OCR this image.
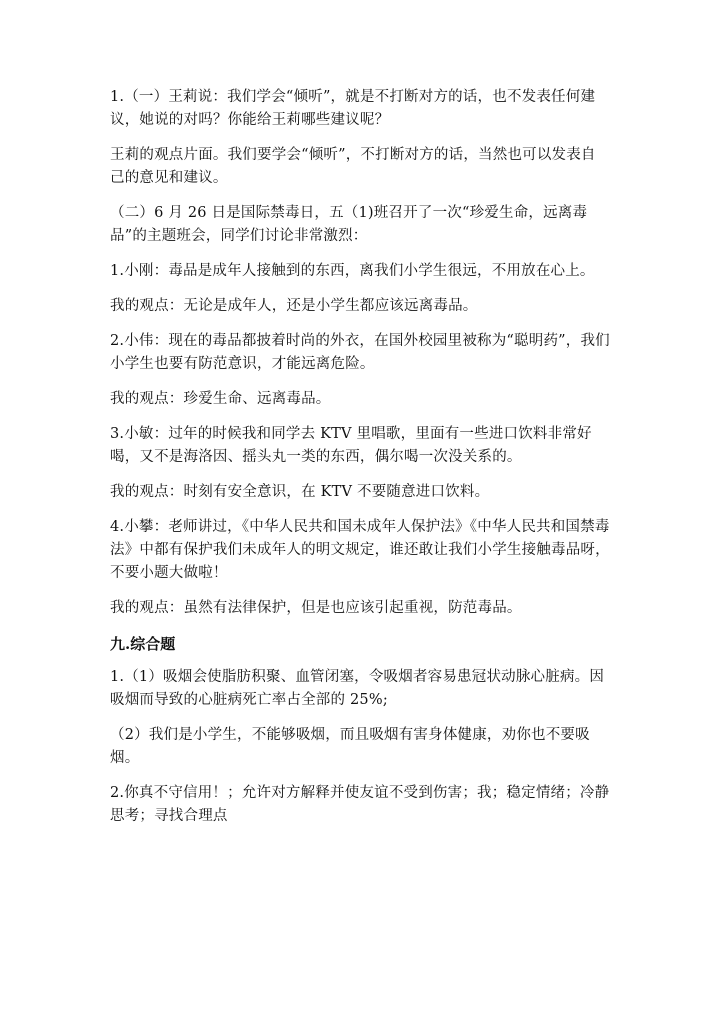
1.（一）王莉说：我们学会“倾听”，就是不打断对方的话，也不发表任何建议，她说的对吗？你能给王莉哪些建议呢？

王莉的观点片面。我们要学会“倾听”，不打断对方的话，当然也可以发表自己的意见和建议。

（二）6 月 26 日是国际禁毒日，五（1)班召开了一次“珍爱生命，远离毒品”的主题班会，同学们讨论非常激烈：

1.小刚：毒品是成年人接触到的东西，离我们小学生很远，不用放在心上。

我的观点：无论是成年人，还是小学生都应该远离毒品。

2.小伟：现在的毒品都披着时尚的外衣，在国外校园里被称为“聪明药”，我们小学生也要有防范意识，才能远离危险。

我的观点：珍爱生命、远离毒品。

3.小敏：过年的时候我和同学去 KTV 里唱歌，里面有一些进口饮料非常好喝，又不是海洛因、摇头丸一类的东西，偶尔喝一次没关系的。

我的观点：时刻有安全意识，在 KTV 不要随意进口饮料。

4.小攀：老师讲过，《中华人民共和国未成年人保护法》《中华人民共和国禁毒法》中都有保护我们未成年人的明文规定，谁还敢让我们小学生接触毒品呀，不要小题大做啦！

我的观点：虽然有法律保护，但是也应该引起重视，防范毒品。

九.综合题

1.（1）吸烟会使脂肪积聚、血管闭塞，令吸烟者容易患冠状动脉心脏病。因吸烟而导致的心脏病死亡率占全部的 25%;

（2）我们是小学生，不能够吸烟，而且吸烟有害身体健康，劝你也不要吸烟。

2.你真不守信用！；允许对方解释并使友谊不受到伤害；我；稳定情绪；冷静思考；寻找合理点
